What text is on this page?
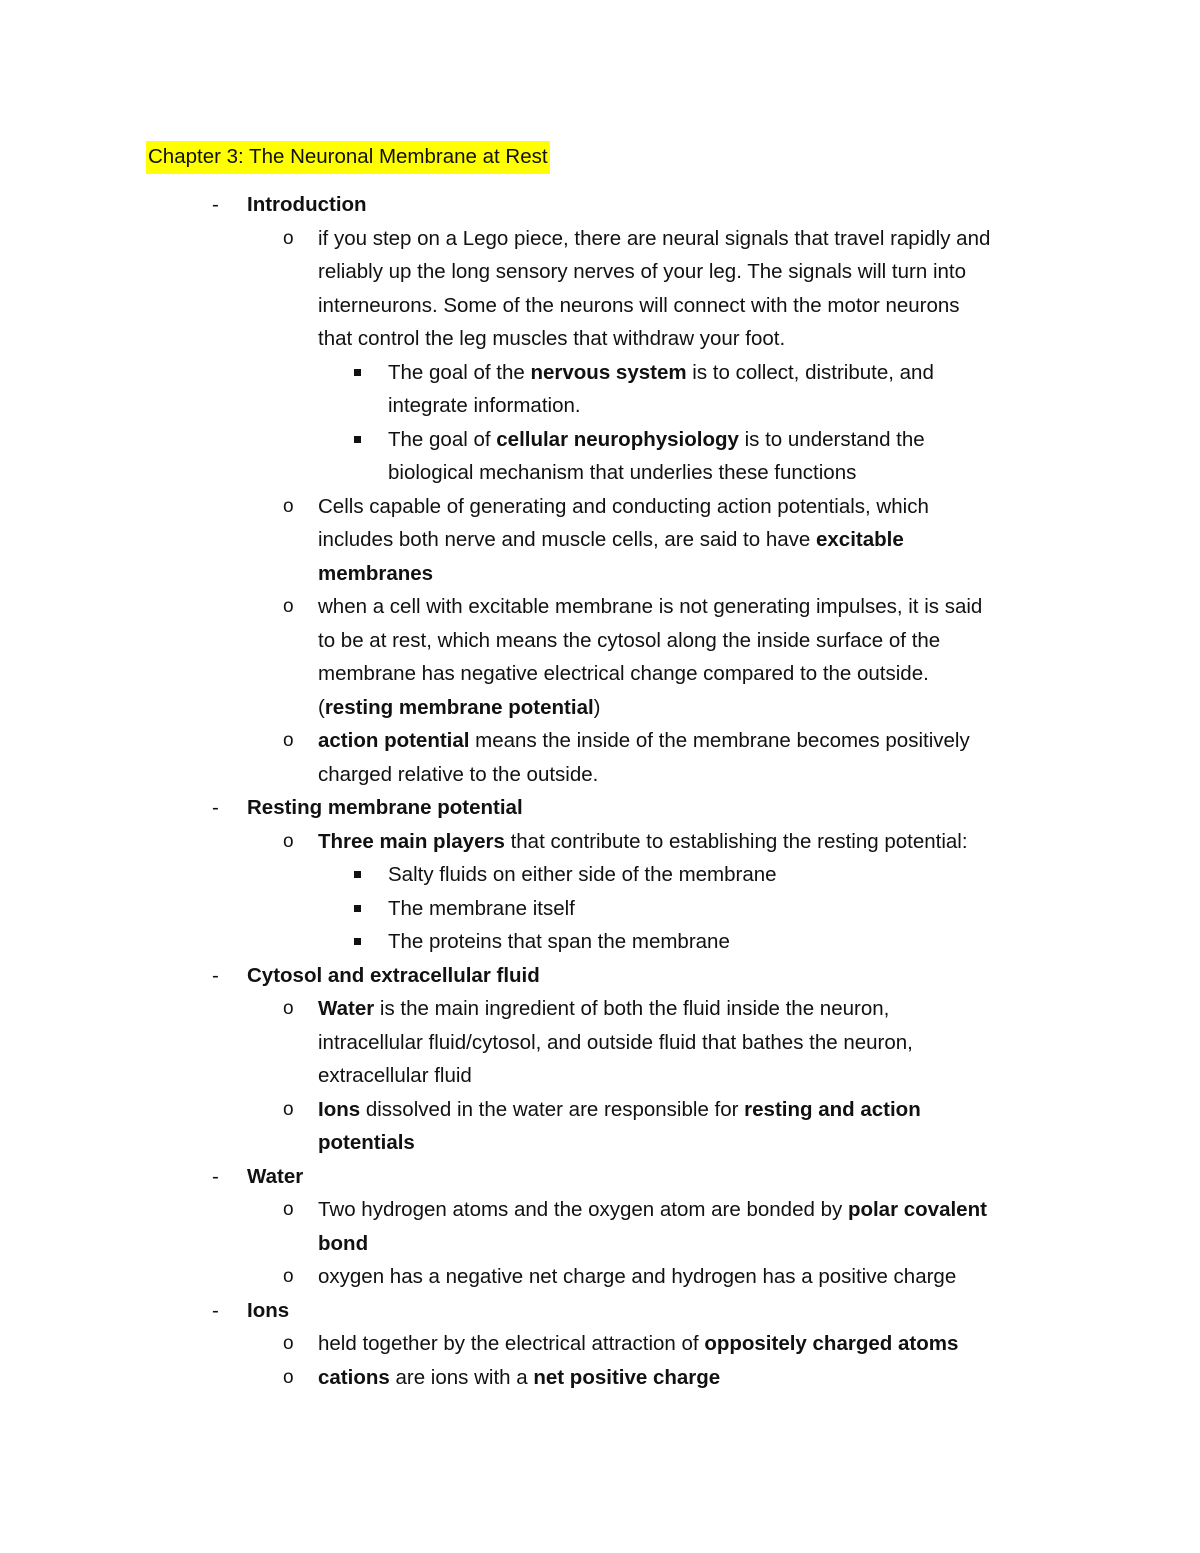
Chapter 3: The Neuronal Membrane at Rest
- Introduction
o if you step on a Lego piece, there are neural signals that travel rapidly and
reliably up the long sensory nerves of your leg. The signals will turn into
interneurons. Some of the neurons will connect with the motor neurons
that control the leg muscles that withdraw your foot.
The goal of the nervous system is to collect, distribute, and
integrate information.
The goal of cellular neurophysiology is to understand the
biological mechanism that underlies these functions
o Cells capable of generating and conducting action potentials, which
includes both nerve and muscle cells, are said to have excitable
membranes
o when a cell with excitable membrane is not generating impulses, it is said
to be at rest, which means the cytosol along the inside surface of the
membrane has negative electrical change compared to the outside.
(resting membrane potential)
o action potential means the inside of the membrane becomes positively
charged relative to the outside.
- Resting membrane potential
o Three main players that contribute to establishing the resting potential:
Salty fluids on either side of the membrane
The membrane itself
The proteins that span the membrane
- Cytosol and extracellular fluid
o Water is the main ingredient of both the fluid inside the neuron,
intracellular fluid/cytosol, and outside fluid that bathes the neuron,
extracellular fluid
o Ions dissolved in the water are responsible for resting and action
potentials
- Water
o Two hydrogen atoms and the oxygen atom are bonded by polar covalent
bond
o oxygen has a negative net charge and hydrogen has a positive charge
- Ions
o held together by the electrical attraction of oppositely charged atoms
o cations are ions with a net positive charge
